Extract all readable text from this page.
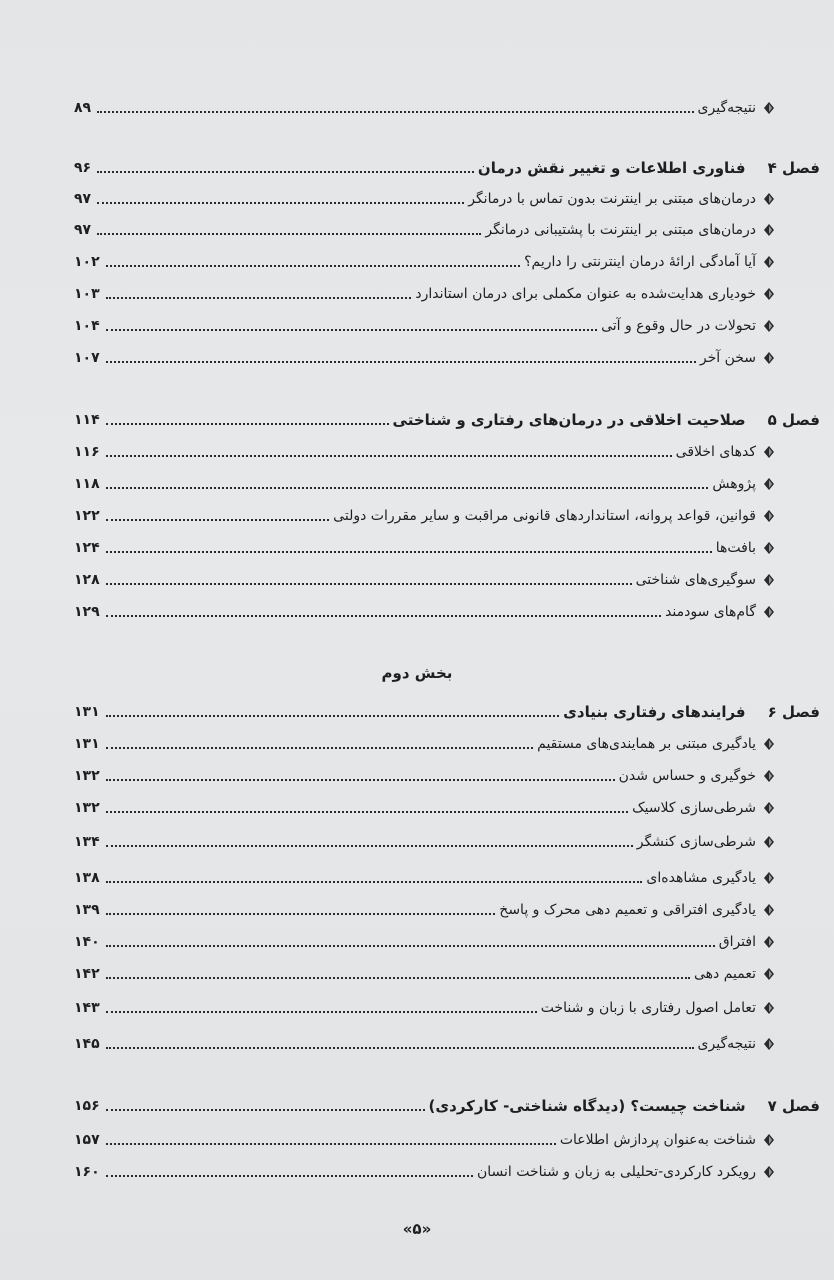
نتیجه‌گیری
۸۹
فصل ۴
فناوری اطلاعات و تغییر نقش درمان
۹۶
درمان‌های مبتنی بر اینترنت بدون تماس با درمانگر
۹۷
درمان‌های مبتنی بر اینترنت با پشتیبانی درمانگر
۹۷
آیا آمادگی ارائهٔ درمان اینترنتی را داریم؟
۱۰۲
خودیاری هدایت‌شده به عنوان مکملی برای درمان استاندارد
۱۰۳
تحولات در حال وقوع و آتی
۱۰۴
سخن آخر
۱۰۷
فصل ۵
صلاحیت اخلاقی در درمان‌های رفتاری و شناختی
۱۱۴
کدهای اخلاقی
۱۱۶
پژوهش
۱۱۸
قوانین، قواعد پروانه، استانداردهای قانونی مراقبت و سایر مقررات دولتی
۱۲۲
بافت‌ها
۱۲۴
سوگیری‌های شناختی
۱۲۸
گام‌های سودمند
۱۲۹
فصل ۶
فرایندهای رفتاری بنیادی
۱۳۱
یادگیری مبتنی بر همایندی‌های مستقیم
۱۳۱
خوگیری و حساس شدن
۱۳۲
شرطی‌سازی کلاسیک
۱۳۲
شرطی‌سازی کنشگر
۱۳۴
یادگیری مشاهده‌ای
۱۳۸
یادگیری افتراقی و تعمیم دهی محرک و پاسخ
۱۳۹
افتراق
۱۴۰
تعمیم دهی
۱۴۲
تعامل اصول رفتاری با زبان و شناخت
۱۴۳
نتیجه‌گیری
۱۴۵
فصل ۷
شناخت چیست؟ (دیدگاه شناختی- کارکردی)
۱۵۶
شناخت به‌عنوان پردازش اطلاعات
۱۵۷
رویکرد کارکردی-تحلیلی به زبان و شناخت انسان
۱۶۰
بخش دوم
«۵»
